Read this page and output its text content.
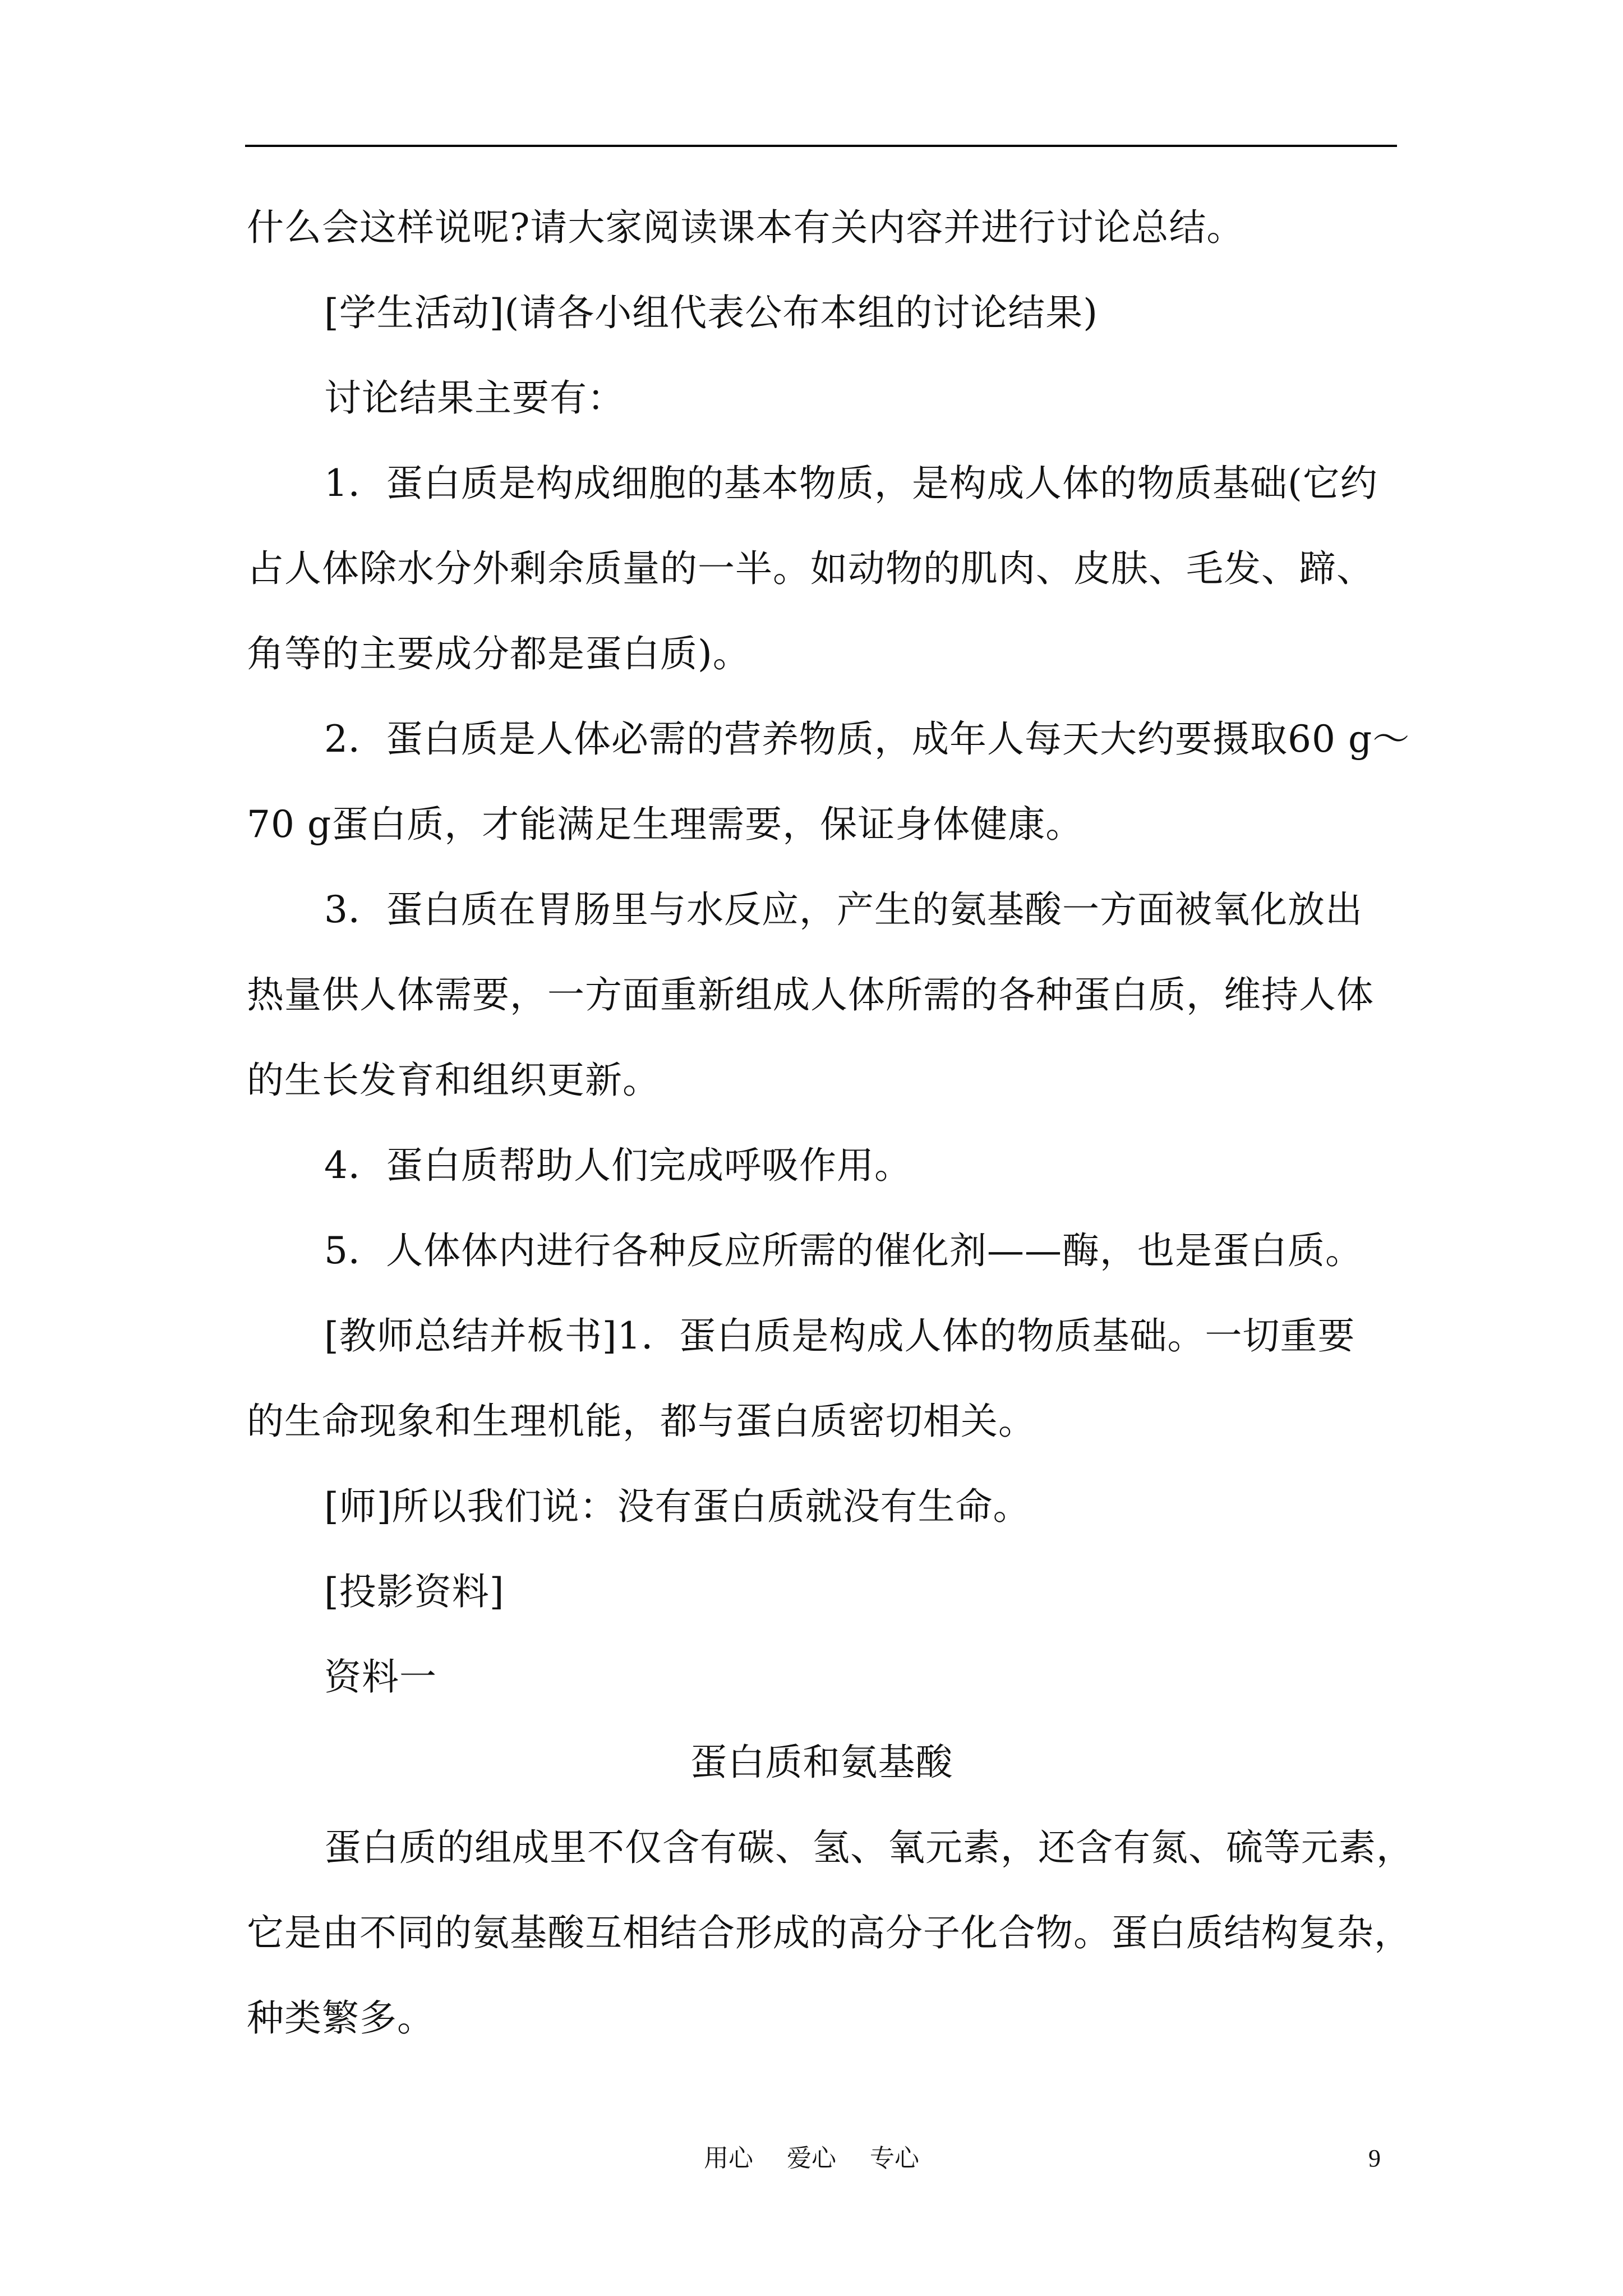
什么会这样说呢?请大家阅读课本有关内容并进行讨论总结。
[学生活动](请各小组代表公布本组的讨论结果)
讨论结果主要有：
1．蛋白质是构成细胞的基本物质，是构成人体的物质基础(它约
占人体除水分外剩余质量的一半。如动物的肌肉、皮肤、毛发、蹄、
角等的主要成分都是蛋白质)。
2．蛋白质是人体必需的营养物质，成年人每天大约要摄取60 g～
70 g蛋白质，才能满足生理需要，保证身体健康。
3．蛋白质在胃肠里与水反应，产生的氨基酸一方面被氧化放出
热量供人体需要，一方面重新组成人体所需的各种蛋白质，维持人体
的生长发育和组织更新。
4．蛋白质帮助人们完成呼吸作用。
5．人体体内进行各种反应所需的催化剂——酶，也是蛋白质。
[教师总结并板书]1．蛋白质是构成人体的物质基础。一切重要
的生命现象和生理机能，都与蛋白质密切相关。
[师]所以我们说：没有蛋白质就没有生命。
[投影资料]
资料一
蛋白质和氨基酸
蛋白质的组成里不仅含有碳、氢、氧元素，还含有氮、硫等元素，
它是由不同的氨基酸互相结合形成的高分子化合物。蛋白质结构复杂，
种类繁多。
用心 爱心 专心	9
